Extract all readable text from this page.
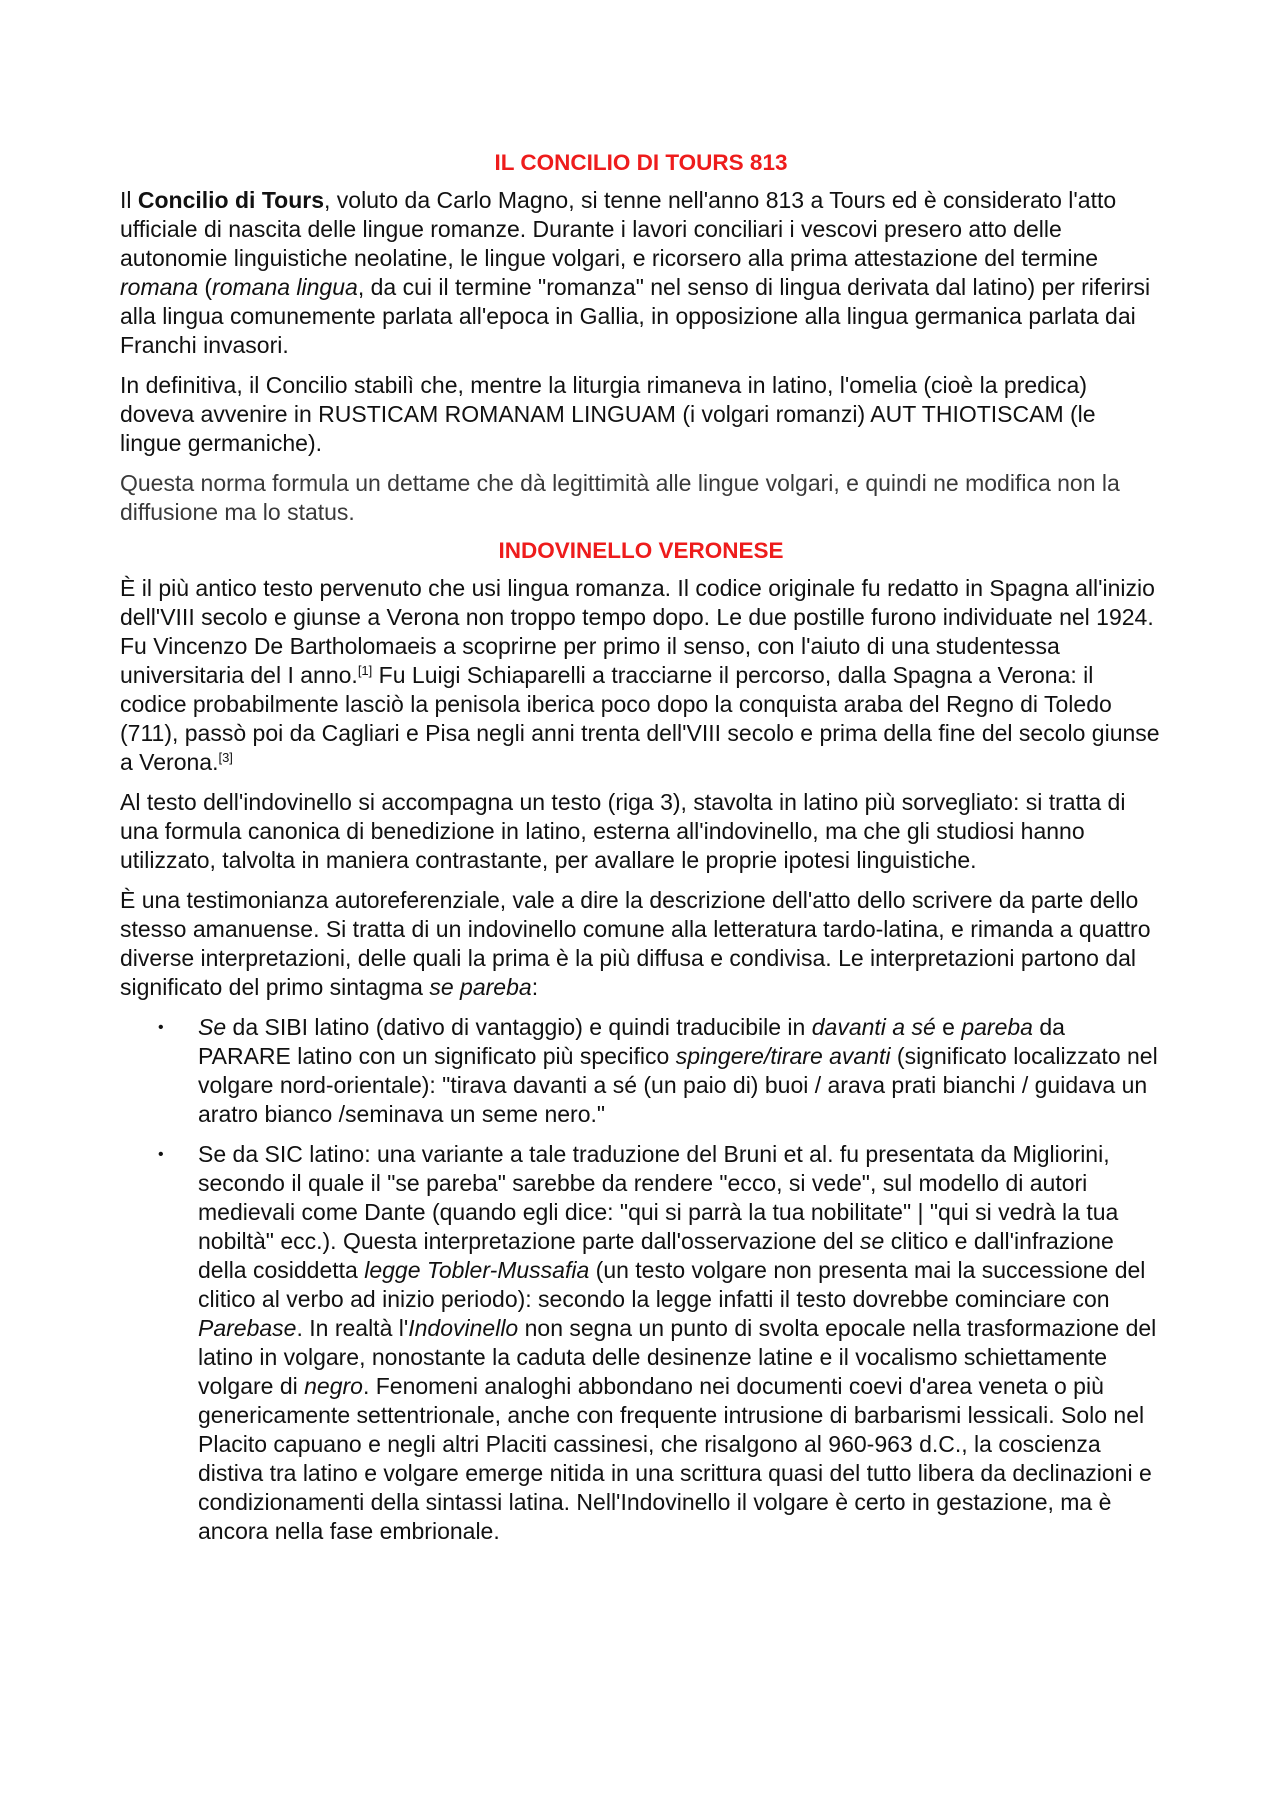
IL CONCILIO DI TOURS 813

Il Concilio di Tours, voluto da Carlo Magno, si tenne nell'anno 813 a Tours ed è considerato l'atto ufficiale di nascita delle lingue romanze. Durante i lavori conciliari i vescovi presero atto delle autonomie linguistiche neolatine, le lingue volgari, e ricorsero alla prima attestazione del termine romana (romana lingua, da cui il termine "romanza" nel senso di lingua derivata dal latino) per riferirsi alla lingua comunemente parlata all'epoca in Gallia, in opposizione alla lingua germanica parlata dai Franchi invasori.

In definitiva, il Concilio stabilì che, mentre la liturgia rimaneva in latino, l'omelia (cioè la predica) doveva avvenire in RUSTICAM ROMANAM LINGUAM (i volgari romanzi) AUT THIOTISCAM (le lingue germaniche).

Questa norma formula un dettame che dà legittimità alle lingue volgari, e quindi ne modifica non la diffusione ma lo status.

INDOVINELLO VERONESE

È il più antico testo pervenuto che usi lingua romanza. Il codice originale fu redatto in Spagna all'inizio dell'VIII secolo e giunse a Verona non troppo tempo dopo. Le due postille furono individuate nel 1924. Fu Vincenzo De Bartholomaeis a scoprirne per primo il senso, con l'aiuto di una studentessa universitaria del I anno.[1] Fu Luigi Schiaparelli a tracciarne il percorso, dalla Spagna a Verona: il codice probabilmente lasciò la penisola iberica poco dopo la conquista araba del Regno di Toledo (711), passò poi da Cagliari e Pisa negli anni trenta dell'VIII secolo e prima della fine del secolo giunse a Verona.[3]

Al testo dell'indovinello si accompagna un testo (riga 3), stavolta in latino più sorvegliato: si tratta di una formula canonica di benedizione in latino, esterna all'indovinello, ma che gli studiosi hanno utilizzato, talvolta in maniera contrastante, per avallare le proprie ipotesi linguistiche.

È una testimonianza autoreferenziale, vale a dire la descrizione dell'atto dello scrivere da parte dello stesso amanuense. Si tratta di un indovinello comune alla letteratura tardo-latina, e rimanda a quattro diverse interpretazioni, delle quali la prima è la più diffusa e condivisa. Le interpretazioni partono dal significato del primo sintagma se pareba:

• Se da SIBI latino (dativo di vantaggio) e quindi traducibile in davanti a sé e pareba da PARARE latino con un significato più specifico spingere/tirare avanti (significato localizzato nel volgare nord-orientale): "tirava davanti a sé (un paio di) buoi / arava prati bianchi / guidava un aratro bianco /seminava un seme nero."
• Se da SIC latino: una variante a tale traduzione del Bruni et al. fu presentata da Migliorini, secondo il quale il "se pareba" sarebbe da rendere "ecco, si vede", sul modello di autori medievali come Dante (quando egli dice: "qui si parrà la tua nobilitate" | "qui si vedrà la tua nobiltà" ecc.). Questa interpretazione parte dall'osservazione del se clitico e dall'infrazione della cosiddetta legge Tobler-Mussafia (un testo volgare non presenta mai la successione del clitico al verbo ad inizio periodo): secondo la legge infatti il testo dovrebbe cominciare con Parebase. In realtà l'Indovinello non segna un punto di svolta epocale nella trasformazione del latino in volgare, nonostante la caduta delle desinenze latine e il vocalismo schiettamente volgare di negro. Fenomeni analoghi abbondano nei documenti coevi d'area veneta o più genericamente settentrionale, anche con frequente intrusione di barbarismi lessicali. Solo nel Placito capuano e negli altri Placiti cassinesi, che risalgono al 960-963 d.C., la coscienza distiva tra latino e volgare emerge nitida in una scrittura quasi del tutto libera da declinazioni e condizionamenti della sintassi latina. Nell'Indovinello il volgare è certo in gestazione, ma è ancora nella fase embrionale.
